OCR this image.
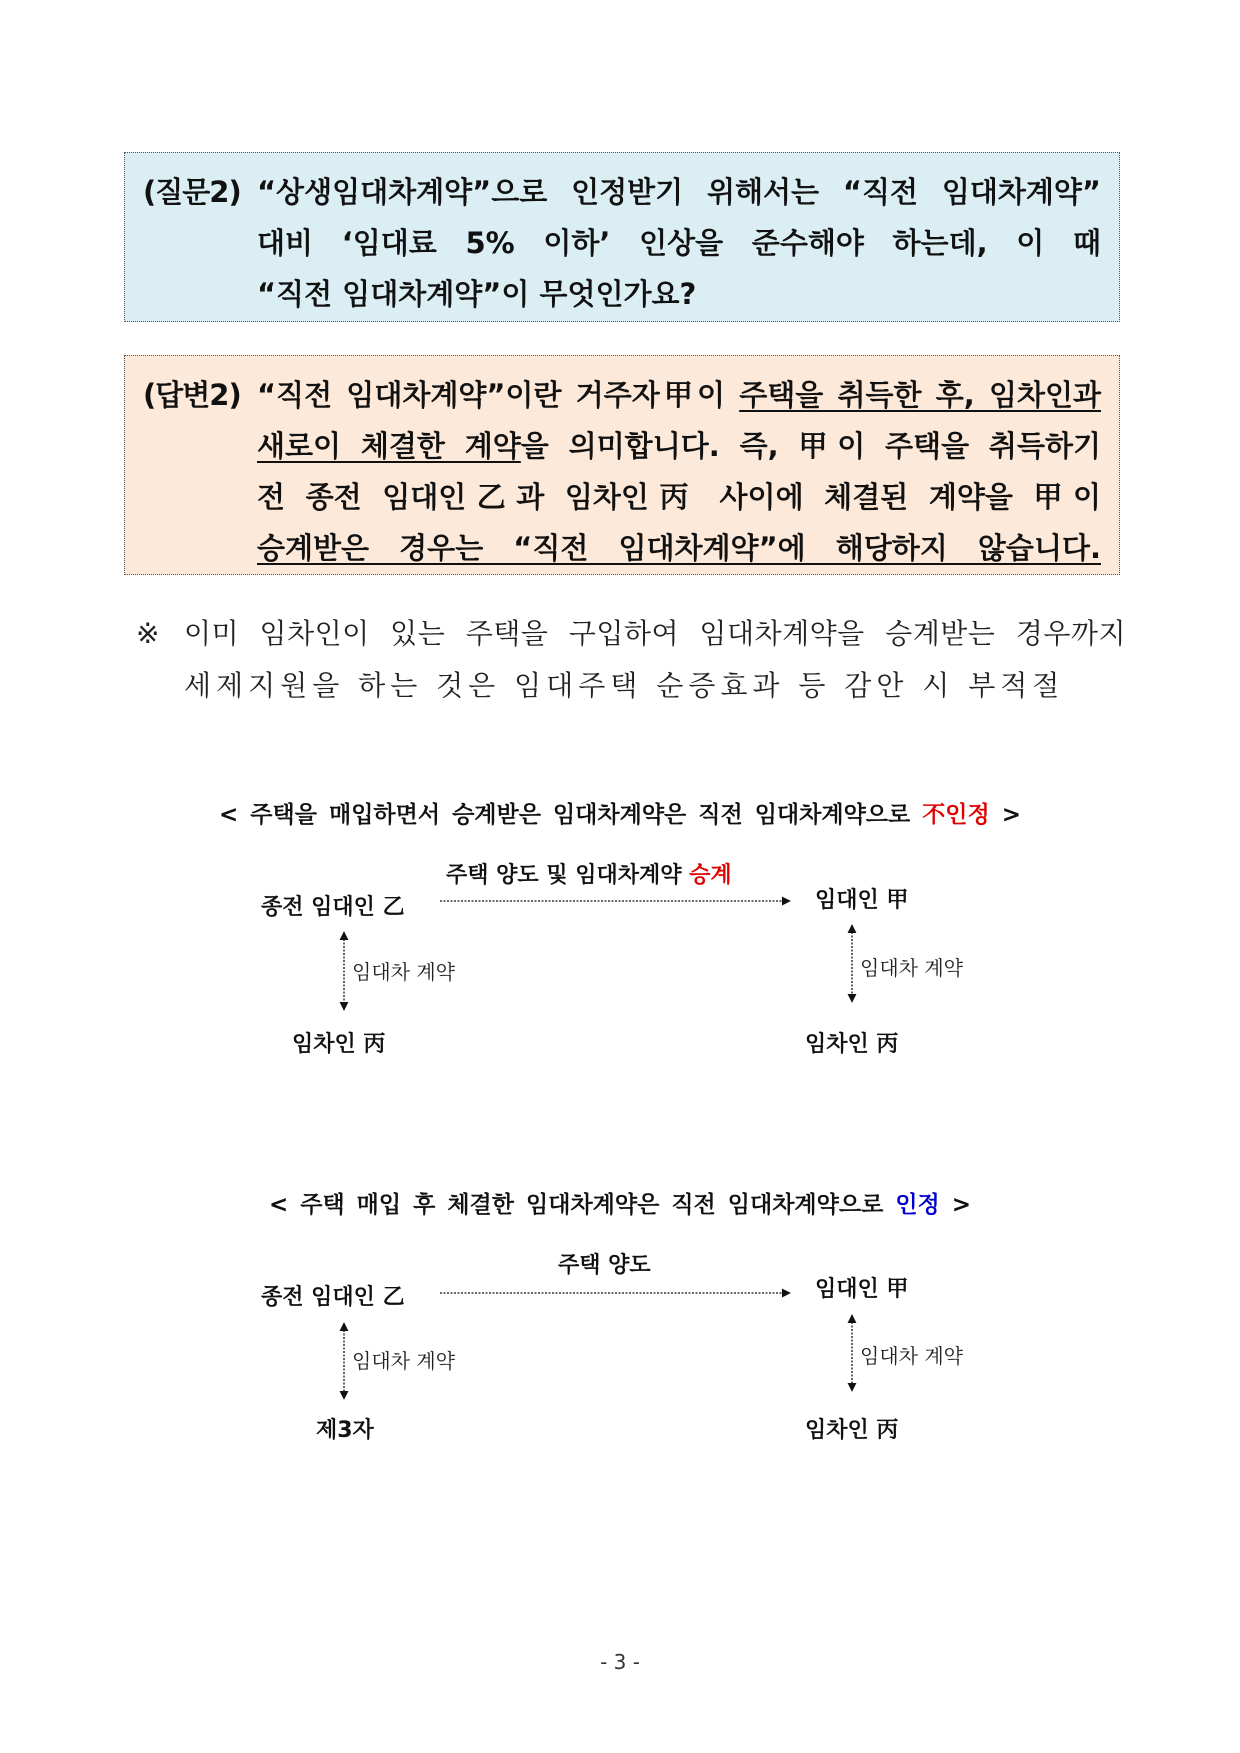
(질문2) “상생임대차계약”으로 인정받기 위해서는 “직전 임대차계약”
대비 ‘임대료 5% 이하’ 인상을 준수해야 하는데, 이 때
“직전 임대차계약”이 무엇인가요?
(답변2) “직전 임대차계약”이란 거주자甲이 주택을 취득한 후, 임차인과
새로이 체결한 계약을 의미합니다. 즉, 甲이 주택을 취득하기
전 종전 임대인乙과 임차인丙 사이에 체결된 계약을 甲이
승계받은 경우는 “직전 임대차계약”에 해당하지 않습니다.
※ 이미 임차인이 있는 주택을 구입하여 임대차계약을 승계받는 경우까지
세제지원을 하는 것은 임대주택 순증효과 등 감안 시 부적절
< 주택을 매입하면서 승계받은 임대차계약은 직전 임대차계약으로 不인정 >
주택 양도 및 임대차계약 승계
종전 임대인 乙	임대인 甲
임대차 계약	임대차 계약
임차인 丙	임차인 丙
< 주택 매입 후 체결한 임대차계약은 직전 임대차계약으로 인정 >
주택 양도
종전 임대인 乙	임대인 甲
임대차 계약	임대차 계약
제3자	임차인 丙
- 3 -
